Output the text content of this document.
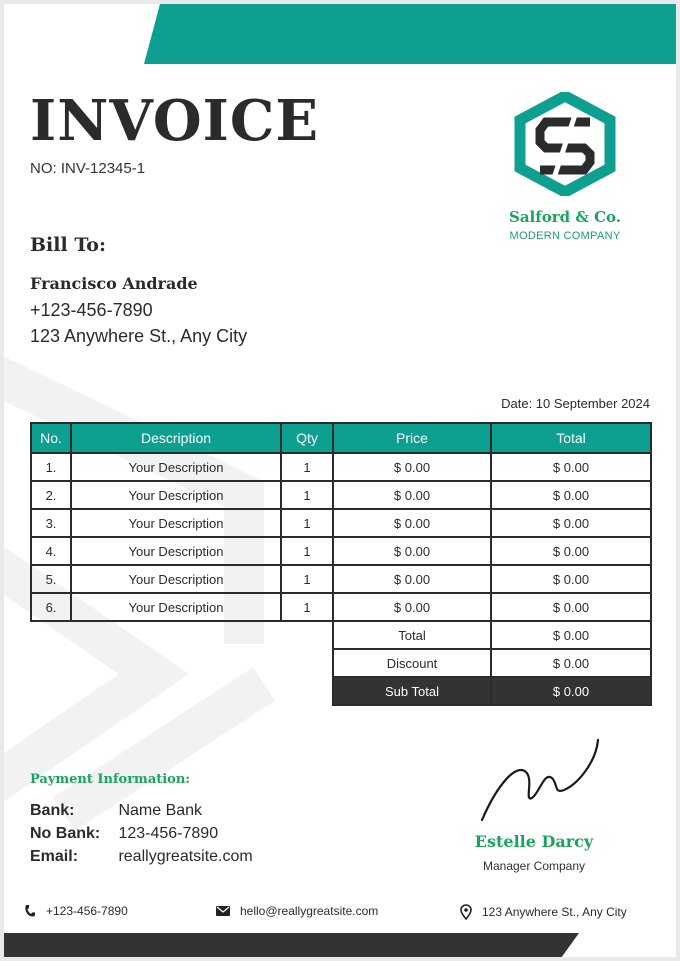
INVOICE
NO: INV-12345-1
Salford & Co.
MODERN COMPANY
Bill To:
Francisco Andrade
+123-456-7890
123 Anywhere St., Any City
Date: 10 September 2024
No.	Description	Qty	Price	Total
1.	Your Description	1	$ 0.00	$ 0.00
2.	Your Description	1	$ 0.00	$ 0.00
3.	Your Description	1	$ 0.00	$ 0.00
4.	Your Description	1	$ 0.00	$ 0.00
5.	Your Description	1	$ 0.00	$ 0.00
6.	Your Description	1	$ 0.00	$ 0.00
			Total	$ 0.00
			Discount	$ 0.00
			Sub Total	$ 0.00
Payment Information:
Bank:	Name Bank
No Bank: 123-456-7890
Email:	reallygreatsite.com
Estelle Darcy
Manager Company
+123-456-7890	hello@reallygreatsite.com	123 Anywhere St., Any City
